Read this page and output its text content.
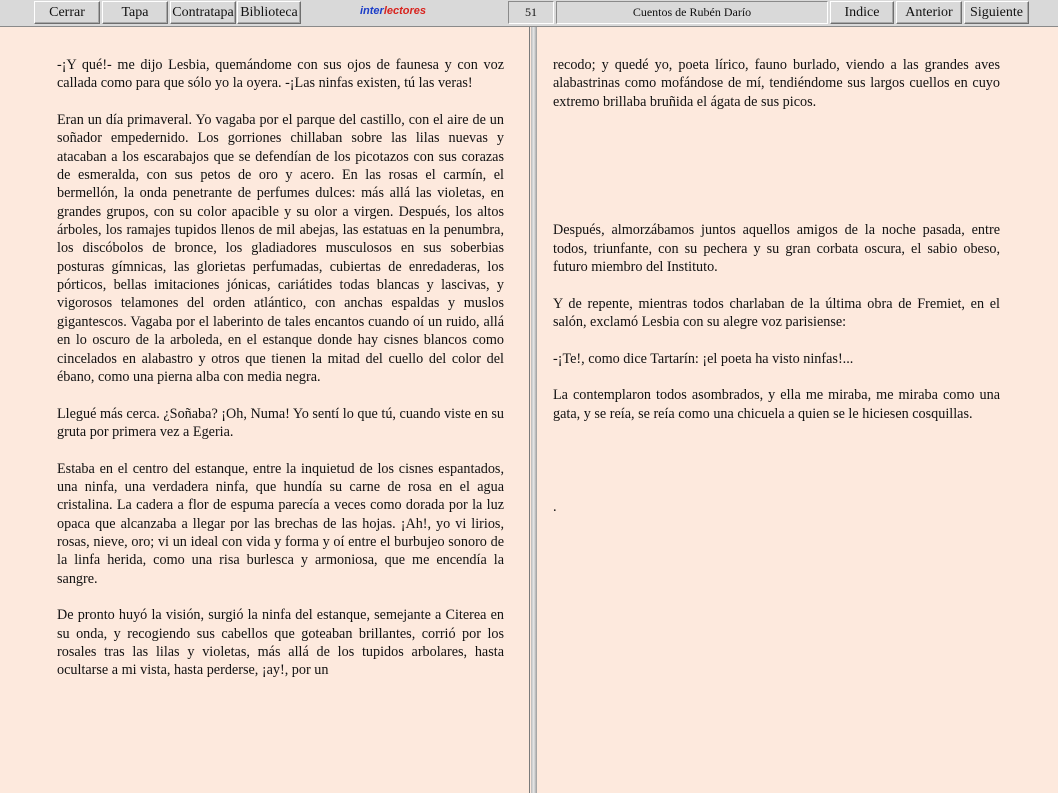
Cerrar	Tapa	Contratapa Biblioteca	interlectores	51	Cuentos de Rubén Darío	Indice	Anterior	Siguiente

-¡Y qué!- me dijo Lesbia, quemándome con sus ojos de faunesa y con voz callada como para que sólo yo la oyera. -¡Las ninfas existen, tú las veras!

Eran un día primaveral. Yo vagaba por el parque del castillo, con el aire de un soñador empedernido. Los gorriones chillaban sobre las lilas nuevas y atacaban a los escarabajos que se defendían de los picotazos con sus corazas de esmeralda, con sus petos de oro y acero. En las rosas el carmín, el bermellón, la onda penetrante de perfumes dulces: más allá las violetas, en grandes grupos, con su color apacible y su olor a virgen. Después, los altos árboles, los ramajes tupidos llenos de mil abejas, las estatuas en la penumbra, los discóbolos de bronce, los gladiadores musculosos en sus soberbias posturas gímnicas, las glorietas perfumadas, cubiertas de enredaderas, los pórticos, bellas imitaciones jónicas, cariátides todas blancas y lascivas, y vigorosos telamones del orden atlántico, con anchas espaldas y muslos gigantescos. Vagaba por el laberinto de tales encantos cuando oí un ruido, allá en lo oscuro de la arboleda, en el estanque donde hay cisnes blancos como cincelados en alabastro y otros que tienen la mitad del cuello del color del ébano, como una pierna alba con media negra.

Llegué más cerca. ¿Soñaba? ¡Oh, Numa! Yo sentí lo que tú, cuando viste en su gruta por primera vez a Egeria.

Estaba en el centro del estanque, entre la inquietud de los cisnes espantados, una ninfa, una verdadera ninfa, que hundía su carne de rosa en el agua cristalina. La cadera a flor de espuma parecía a veces como dorada por la luz opaca que alcanzaba a llegar por las brechas de las hojas. ¡Ah!, yo vi lirios, rosas, nieve, oro; vi un ideal con vida y forma y oí entre el burbujeo sonoro de la linfa herida, como una risa burlesca y armoniosa, que me encendía la sangre.

De pronto huyó la visión, surgió la ninfa del estanque, semejante a Citerea en su onda, y recogiendo sus cabellos que goteaban brillantes, corrió por los rosales tras las lilas y violetas, más allá de los tupidos arbolares, hasta ocultarse a mi vista, hasta perderse, ¡ay!, por un

recodo; y quedé yo, poeta lírico, fauno burlado, viendo a las grandes aves alabastrinas como mofándose de mí, tendiéndome sus largos cuellos en cuyo extremo brillaba bruñida el ágata de sus picos.

Después, almorzábamos juntos aquellos amigos de la noche pasada, entre todos, triunfante, con su pechera y su gran corbata oscura, el sabio obeso, futuro miembro del Instituto.

Y de repente, mientras todos charlaban de la última obra de Fremiet, en el salón, exclamó Lesbia con su alegre voz parisiense:

-¡Te!, como dice Tartarín: ¡el poeta ha visto ninfas!...

La contemplaron todos asombrados, y ella me miraba, me miraba como una gata, y se reía, se reía como una chicuela a quien se le hiciesen cosquillas.

.
